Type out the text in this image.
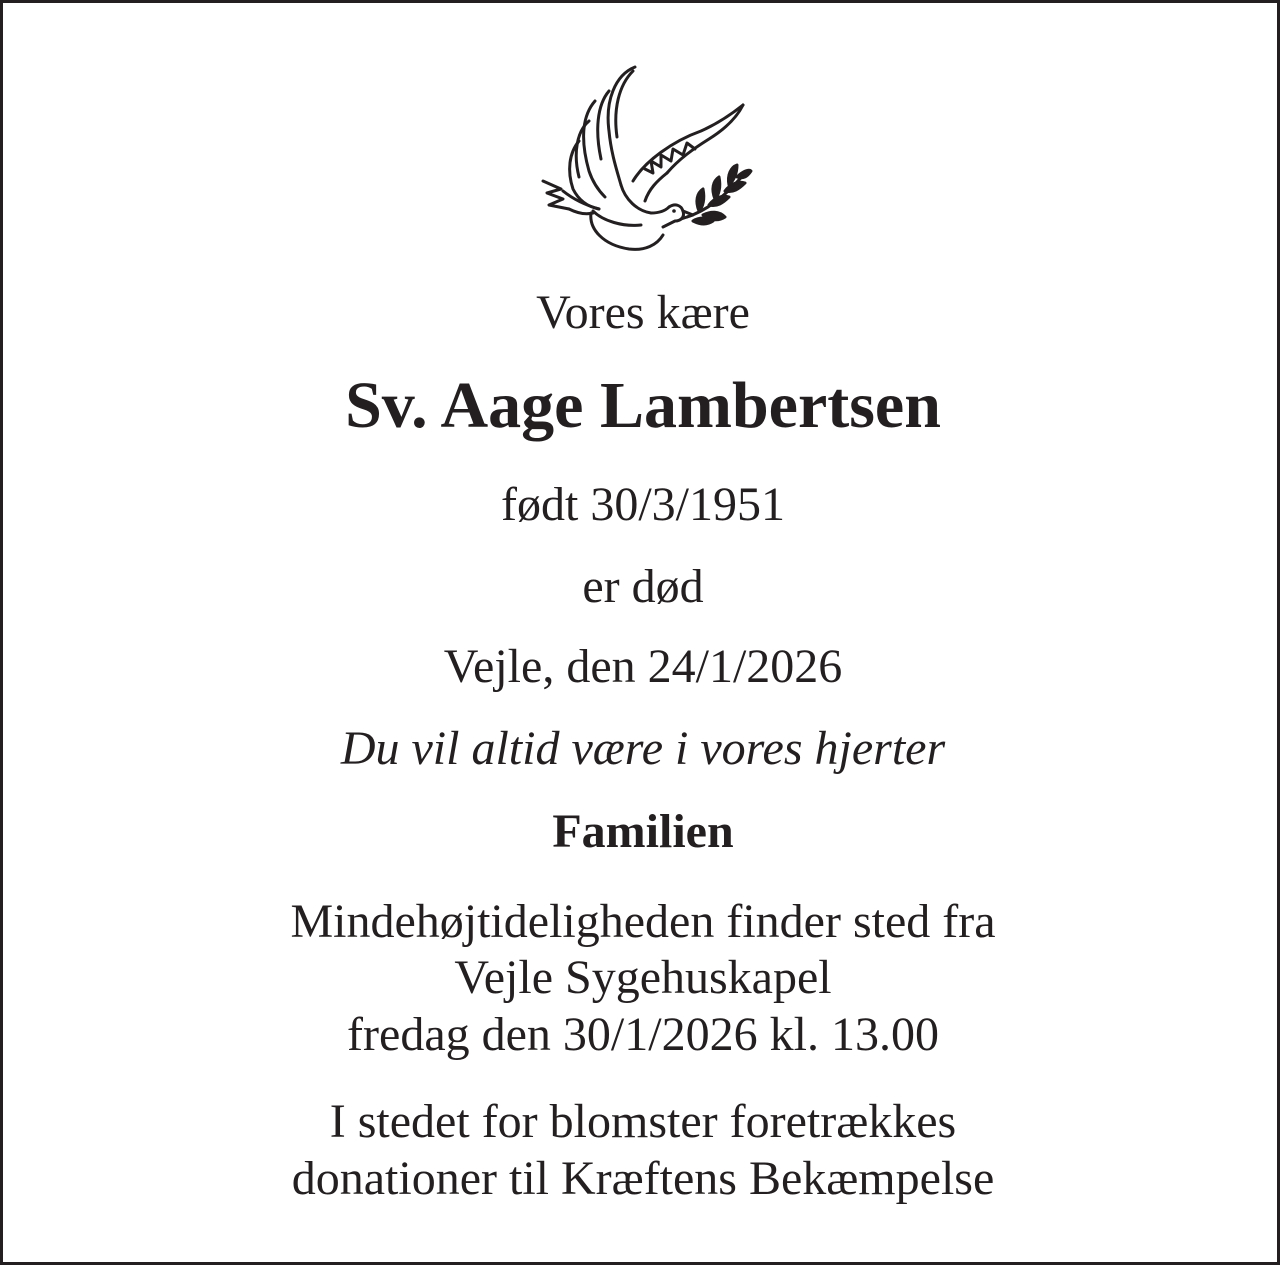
Vores kære
Sv. Aage Lambertsen
født 30/3/1951
er død
Vejle, den 24/1/2026
Du vil altid være i vores hjerter
Familien
Mindehøjtideligheden finder sted fra
Vejle Sygehuskapel
fredag den 30/1/2026 kl. 13.00
I stedet for blomster foretrækkes
donationer til Kræftens Bekæmpelse
